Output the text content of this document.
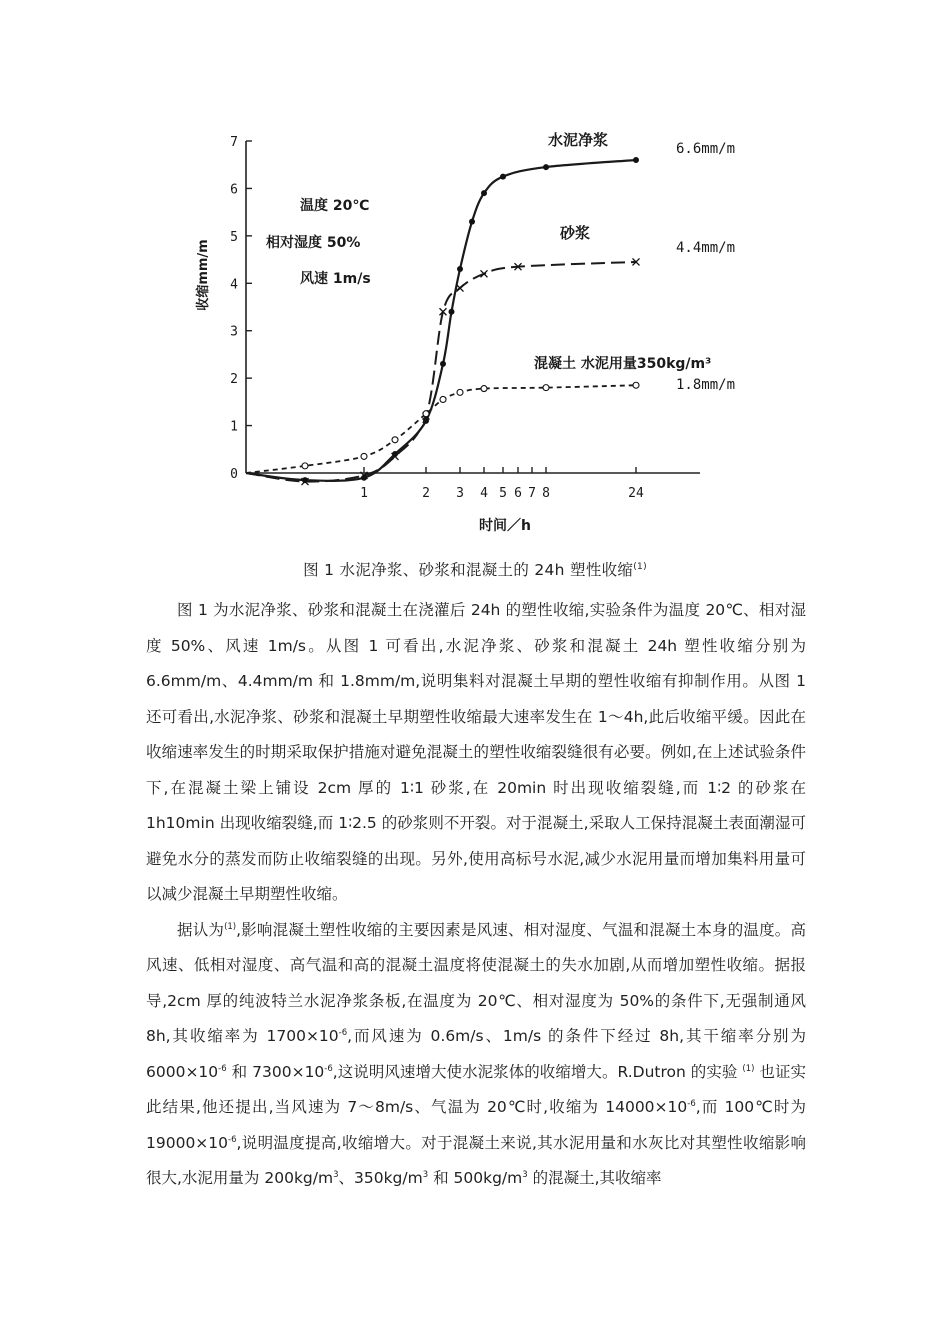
0
1
2
3
4
5
6
7
1	2 3 4 5 6 7 8	24
收缩mm/m
时间／h
温度 20℃
相对湿度 50%
风速 1m/s
水泥净浆
砂浆
混凝土 水泥用量350kg/m³
6.6mm/m
4.4mm/m
1.8mm/m
图 1 水泥净浆、砂浆和混凝土的 24h 塑性收缩$^{(1)}$

图 1 为水泥净浆、砂浆和混凝土在浇灌后 24h 的塑性收缩,实验条件为温度 20℃、相对湿度 50%、风速 1m/s。从图 1 可看出,水泥净浆、砂浆和混凝土 24h 塑性收缩分别为 6.6mm/m、4.4mm/m 和 1.8mm/m,说明集料对混凝土早期的塑性收缩有抑制作用。从图 1 还可看出,水泥净浆、砂浆和混凝土早期塑性收缩最大速率发生在 1～4h,此后收缩平缓。因此在收缩速率发生的时期采取保护措施对避免混凝土的塑性收缩裂缝很有必要。例如,在上述试验条件下,在混凝土梁上铺设 2cm 厚的 1∶1 砂浆,在 20min 时出现收缩裂缝,而 1∶2 的砂浆在 1h10min 出现收缩裂缝,而 1∶2.5 的砂浆则不开裂。对于混凝土,采取人工保持混凝土表面潮湿可避免水分的蒸发而防止收缩裂缝的出现。另外,使用高标号水泥,减少水泥用量而增加集料用量可以减少混凝土早期塑性收缩。

据认为$^{(1)}$,影响混凝土塑性收缩的主要因素是风速、相对湿度、气温和混凝土本身的温度。高风速、低相对湿度、高气温和高的混凝土温度将使混凝土的失水加剧,从而增加塑性收缩。据报导,2cm 厚的纯波特兰水泥净浆条板,在温度为 20℃、相对湿度为 50%的条件下,无强制通风 8h,其收缩率为 $1700\times 10^{-6}$,而风速为 0.6m/s、1m/s 的条件下经过 8h,其干缩率分别为 $6000\times 10^{-6}$ 和 $7300\times 10^{-6}$,这说明风速增大使水泥浆体的收缩增大。R.Dutron 的实验 $^{(1)}$ 也证实此结果,他还提出,当风速为 7～8m/s、气温为 20℃时,收缩为 $14000\times 10^{-6}$,而 100℃时为 $19000\times 10^{-6}$,说明温度提高,收缩增大。对于混凝土来说,其水泥用量和水灰比对其塑性收缩影响很大,水泥用量为 $200kg/m^3$、$350kg/m^3$ 和 $500kg/m^3$ 的混凝土,其收缩率
